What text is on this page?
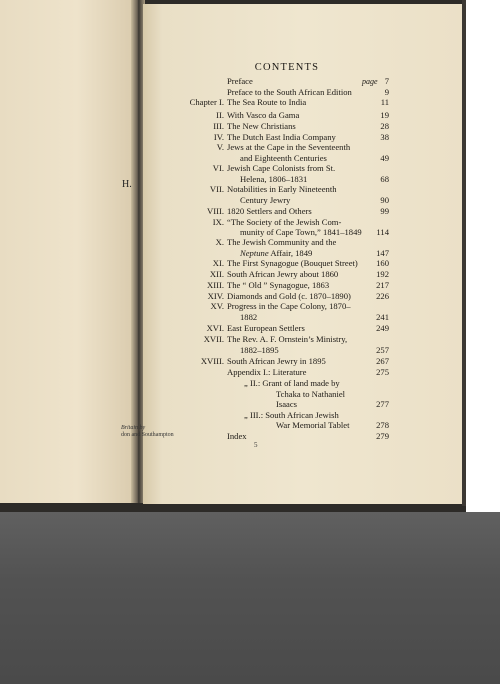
H.
Britain by
don and Southampton
CONTENTS
page
Preface	7
Preface to the South African Edition	9
Chapter I. The Sea Route to India	11
II. With Vasco da Gama	19
III. The New Christians	28
IV. The Dutch East India Company	38
V. Jews at the Cape in the Seventeenth
and Eighteenth Centuries	49
VI. Jewish Cape Colonists from St.
Helena, 1806–1831	68
VII. Notabilities in Early Nineteenth
Century Jewry	90
VIII. 1820 Settlers and Others	99
IX. “The Society of the Jewish Com-
munity of Cape Town,” 1841–1849	114
X. The Jewish Community and the
Neptune Affair, 1849	147
XI. The First Synagogue (Bouquet Street)	160
XII. South African Jewry about 1860	192
XIII. The “ Old ” Synagogue, 1863	217
XIV. Diamonds and Gold (c. 1870–1890)	226
XV. Progress in the Cape Colony, 1870–
1882	241
XVI. East European Settlers	249
XVII. The Rev. A. F. Ornstein’s Ministry,
1882–1895	257
XVIII. South African Jewry in 1895	267
Appendix I.: Literature	275
„ II.: Grant of land made by
Tchaka to Nathaniel
Isaacs	277
„ III.: South African Jewish
War Memorial Tablet	278
Index	279
5
